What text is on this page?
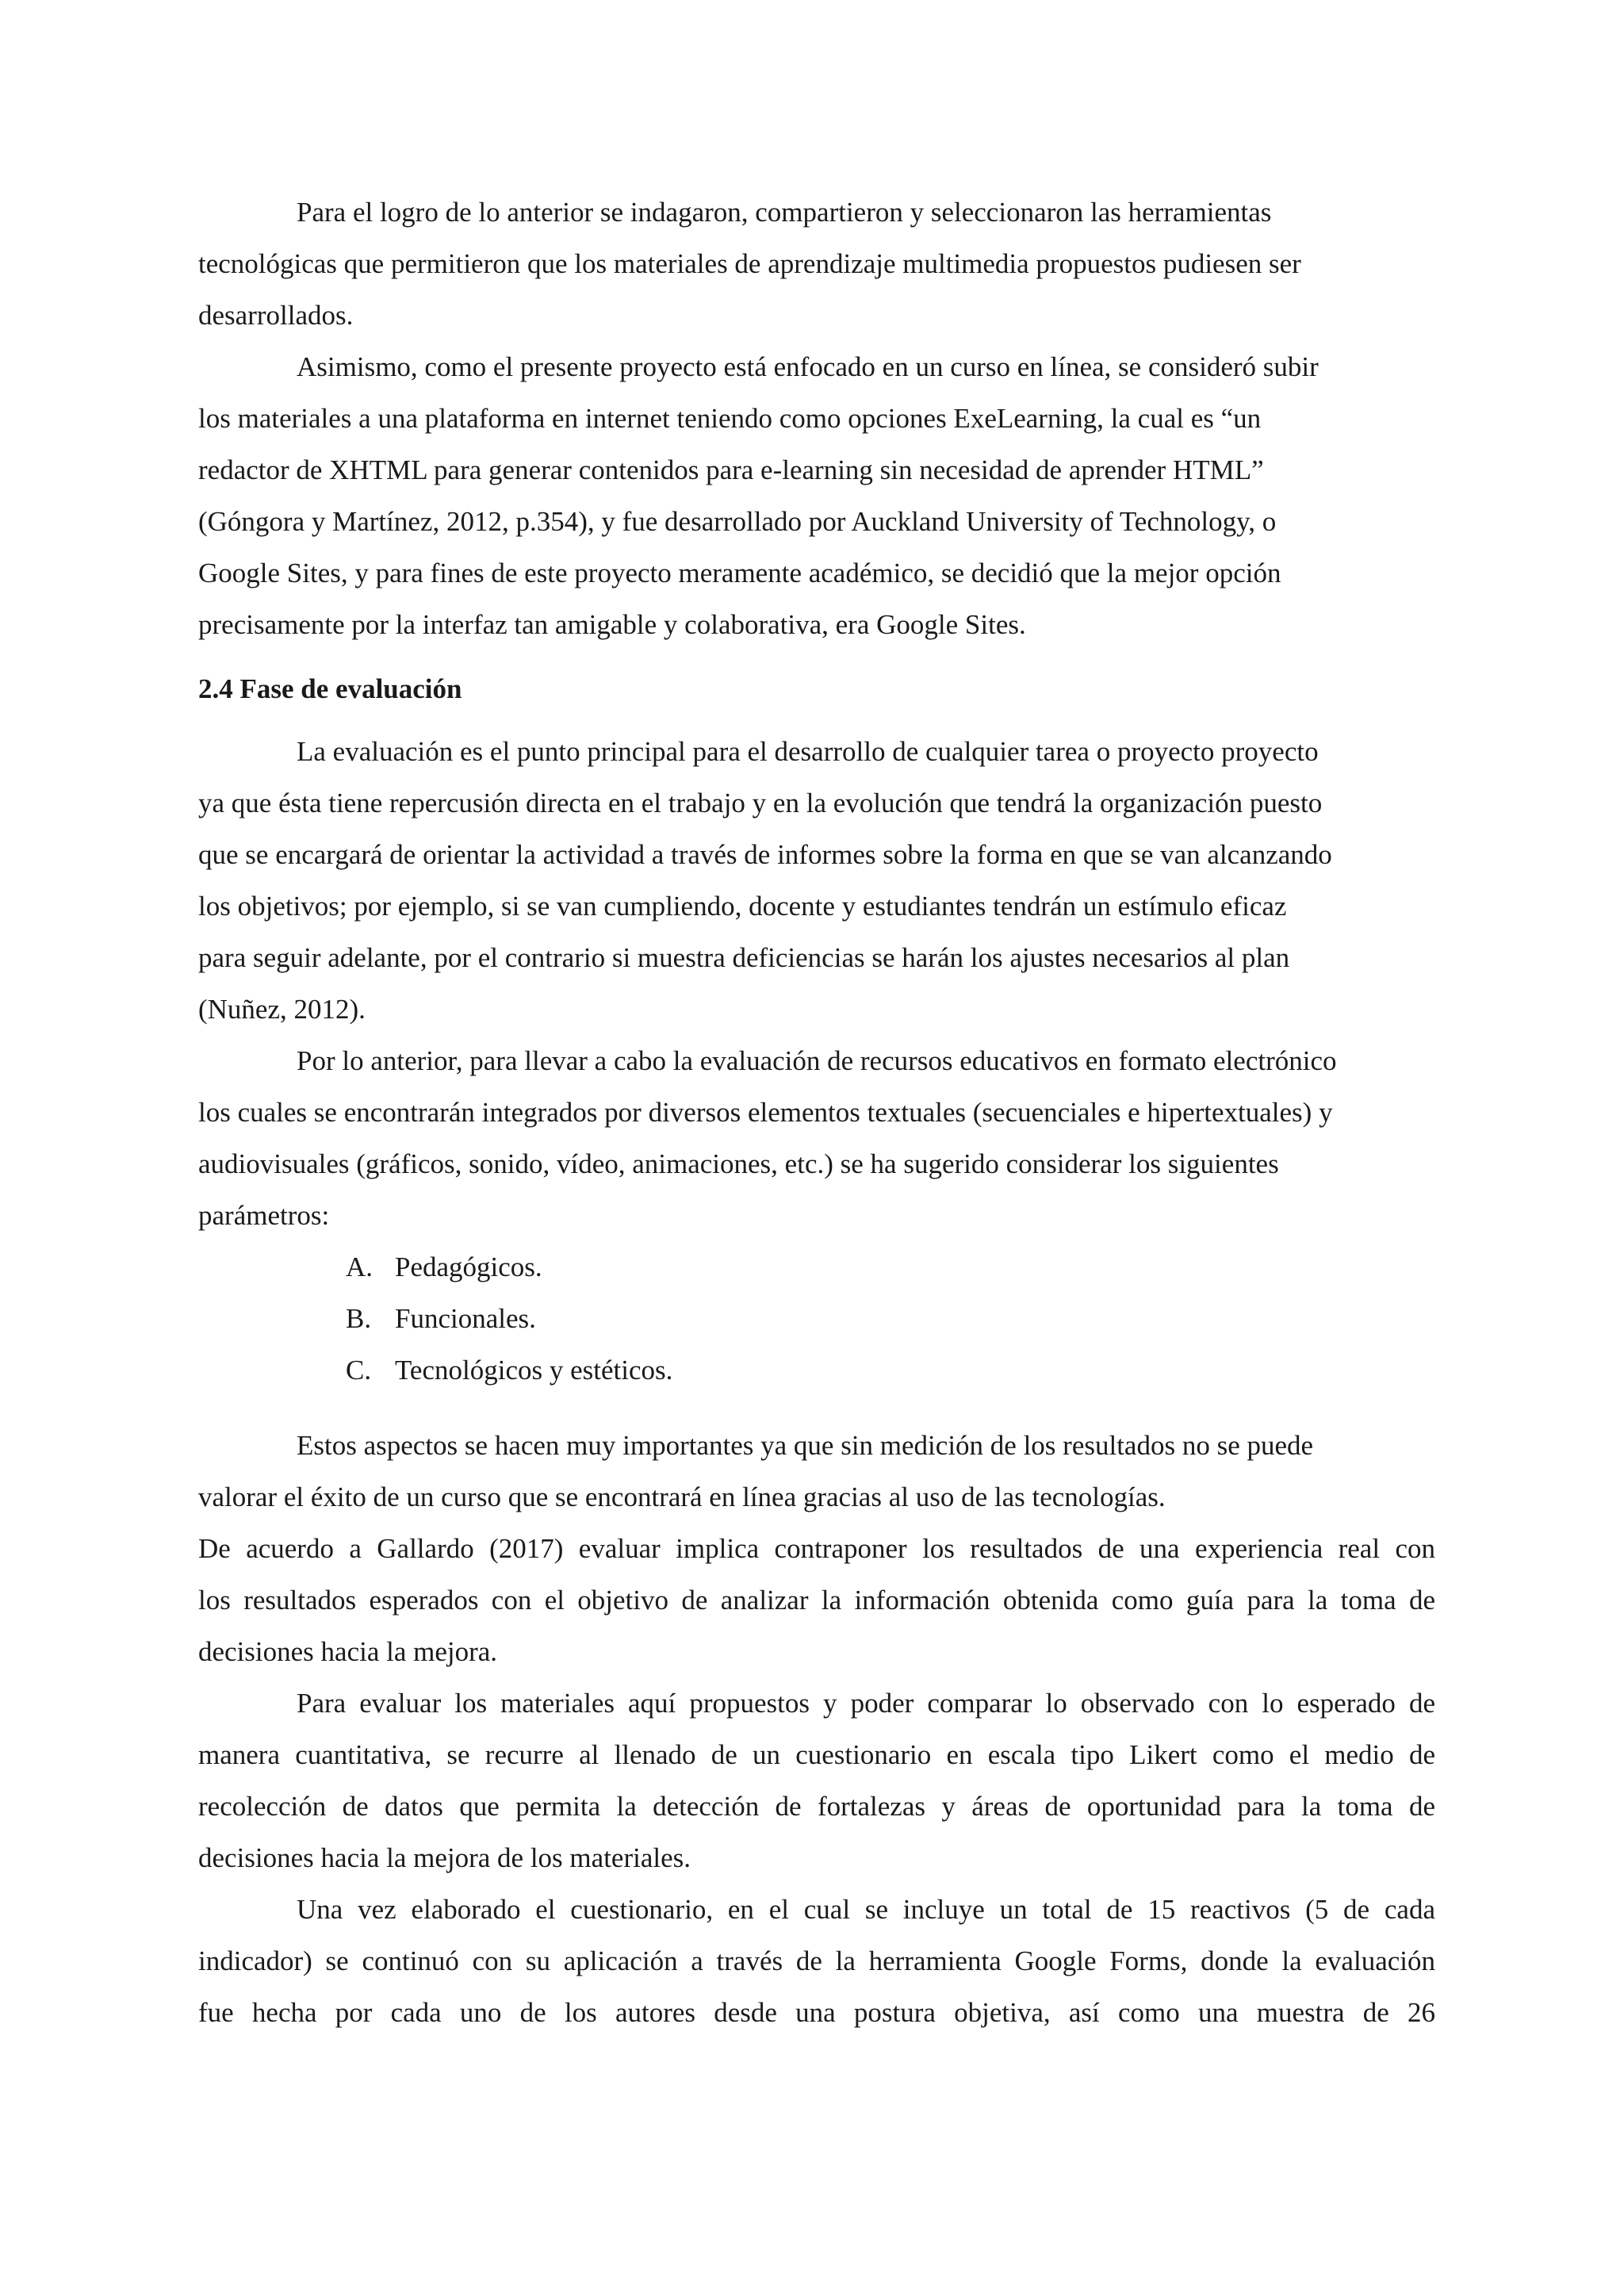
Para el logro de lo anterior se indagaron, compartieron y seleccionaron las herramientas
tecnológicas que permitieron que los materiales de aprendizaje multimedia propuestos pudiesen ser
desarrollados.
Asimismo, como el presente proyecto está enfocado en un curso en línea, se consideró subir
los materiales a una plataforma en internet teniendo como opciones ExeLearning, la cual es “un
redactor de XHTML para generar contenidos para e-learning sin necesidad de aprender HTML”
(Góngora y Martínez, 2012, p.354), y fue desarrollado por Auckland University of Technology, o
Google Sites, y para fines de este proyecto meramente académico, se decidió que la mejor opción
precisamente por la interfaz tan amigable y colaborativa, era Google Sites.
2.4 Fase de evaluación
La evaluación es el punto principal para el desarrollo de cualquier tarea o proyecto proyecto
ya que ésta tiene repercusión directa en el trabajo y en la evolución que tendrá la organización puesto
que se encargará de orientar la actividad a través de informes sobre la forma en que se van alcanzando
los objetivos; por ejemplo, si se van cumpliendo, docente y estudiantes tendrán un estímulo eficaz
para seguir adelante, por el contrario si muestra deficiencias se harán los ajustes necesarios al plan
(Nuñez, 2012).
Por lo anterior, para llevar a cabo la evaluación de recursos educativos en formato electrónico
los cuales se encontrarán integrados por diversos elementos textuales (secuenciales e hipertextuales) y
audiovisuales (gráficos, sonido, vídeo, animaciones, etc.) se ha sugerido considerar los siguientes
parámetros:
A. Pedagógicos.
B. Funcionales.
C. Tecnológicos y estéticos.
Estos aspectos se hacen muy importantes ya que sin medición de los resultados no se puede
valorar el éxito de un curso que se encontrará en línea gracias al uso de las tecnologías.
De acuerdo a Gallardo (2017) evaluar implica contraponer los resultados de una experiencia real con
los resultados esperados con el objetivo de analizar la información obtenida como guía para la toma de
decisiones hacia la mejora.
Para evaluar los materiales aquí propuestos y poder comparar lo observado con lo esperado de
manera cuantitativa, se recurre al llenado de un cuestionario en escala tipo Likert como el medio de
recolección de datos que permita la detección de fortalezas y áreas de oportunidad para la toma de
decisiones hacia la mejora de los materiales.
Una vez elaborado el cuestionario, en el cual se incluye un total de 15 reactivos (5 de cada
indicador) se continuó con su aplicación a través de la herramienta Google Forms, donde la evaluación
fue hecha por cada uno de los autores desde una postura objetiva, así como una muestra de 26
